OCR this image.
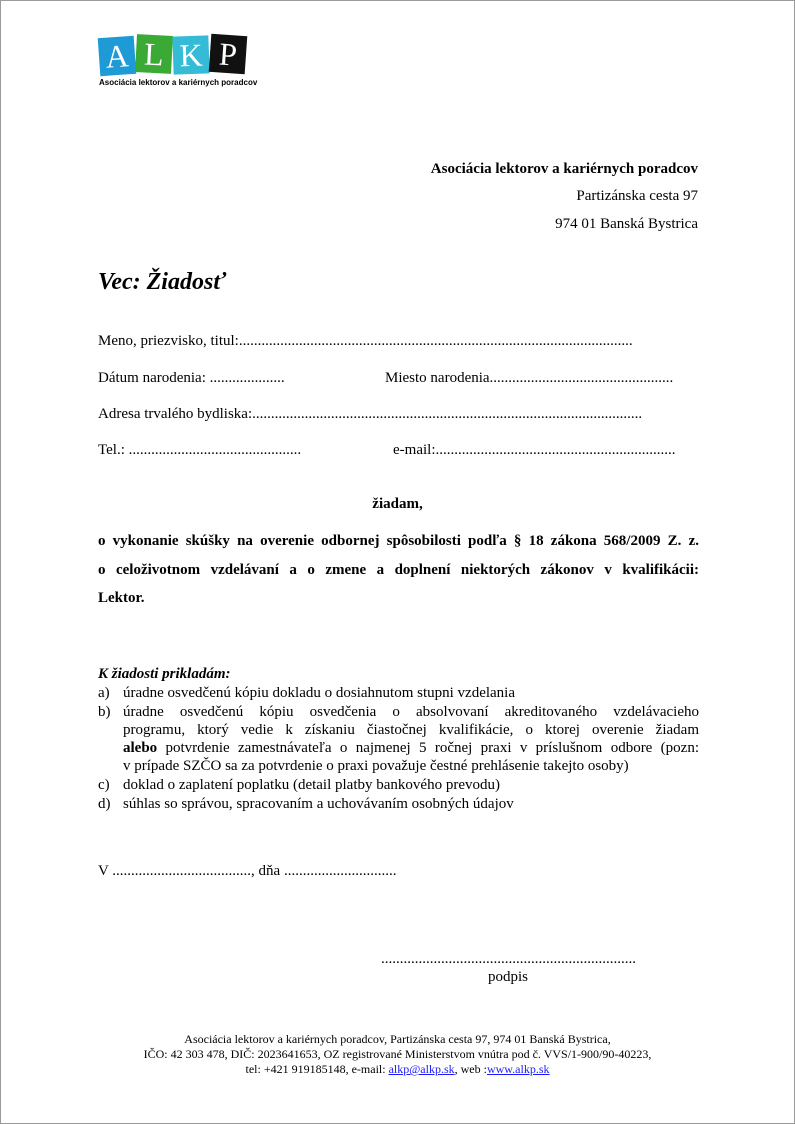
A L K P
Asociácia lektorov a kariérnych poradcov
Asociácia lektorov a kariérnych poradcov
Partizánska cesta 97
974 01 Banská Bystrica
Vec: Žiadosť
Meno, priezvisko, titul:.........................................................................................................
Dátum narodenia: ....................	Miesto narodenia.................................................
Adresa trvalého bydliska:........................................................................................................
Tel.: ..............................................	e-mail:................................................................
žiadam,
o vykonanie skúšky na overenie odbornej spôsobilosti podľa § 18 zákona 568/2009 Z. z.
o celoživotnom vzdelávaní a o zmene a doplnení niektorých zákonov v kvalifikácii:
Lektor.
K žiadosti prikladám:
a) úradne osvedčenú kópiu dokladu o dosiahnutom stupni vzdelania
b) úradne osvedčenú kópiu osvedčenia o absolvovaní akreditovaného vzdelávacieho
programu, ktorý vedie k získaniu čiastočnej kvalifikácie, o ktorej overenie žiadam
alebo potvrdenie zamestnávateľa o najmenej 5 ročnej praxi v príslušnom odbore (pozn:
v prípade SZČO sa za potvrdenie o praxi považuje čestné prehlásenie takejto osoby)
c) doklad o zaplatení poplatku (detail platby bankového prevodu)
d) súhlas so správou, spracovaním a uchovávaním osobných údajov
V ....................................., dňa ..............................
....................................................................
podpis
Asociácia lektorov a kariérnych poradcov, Partizánska cesta 97, 974 01 Banská Bystrica,
IČO: 42 303 478, DIČ: 2023641653, OZ registrované Ministerstvom vnútra pod č. VVS/1-900/90-40223,
tel: +421 919185148, e-mail: alkp@alkp.sk, web :www.alkp.sk
